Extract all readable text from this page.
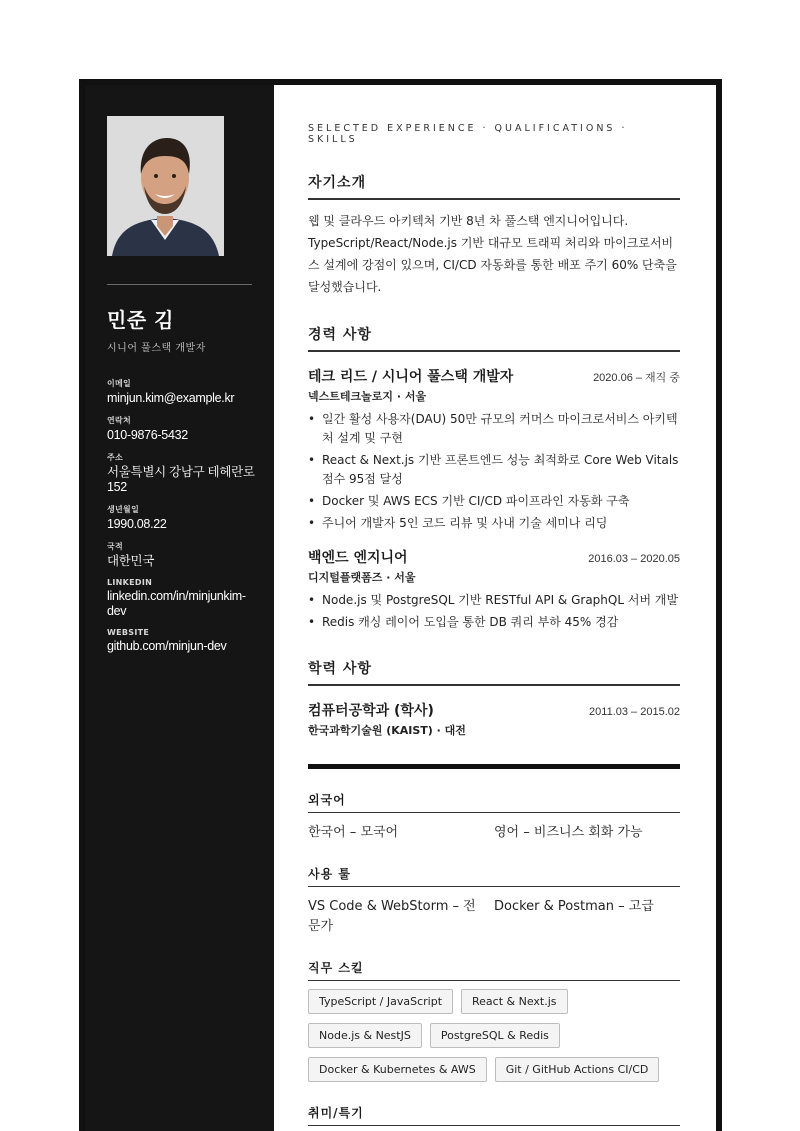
민준 김
시니어 풀스택 개발자
이메일
minjun.kim@example.kr
연락처
010-9876-5432
주소
서울특별시 강남구 테헤란로 152
생년월일
1990.08.22
국적
대한민국
LINKEDIN
linkedin.com/in/minjunkim-dev
WEBSITE
github.com/minjun-dev
SELECTED EXPERIENCE · QUALIFICATIONS · SKILLS
자기소개

웹 및 클라우드 아키텍처 기반 8년 차 풀스택 엔지니어입니다. TypeScript/React/Node.js 기반 대규모 트래픽 처리와 마이크로서비스 설계에 강점이 있으며, CI/CD 자동화를 통한 배포 주기 60% 단축을 달성했습니다.

경력 사항
테크 리드 / 시니어 풀스택 개발자	2020.06 – 재직 중
넥스트테크놀로지 · 서울
• 일간 활성 사용자(DAU) 50만 규모의 커머스 마이크로서비스 아키텍처 설계 및 구현
• React & Next.js 기반 프론트엔드 성능 최적화로 Core Web Vitals 점수 95점 달성
• Docker 및 AWS ECS 기반 CI/CD 파이프라인 자동화 구축
• 주니어 개발자 5인 코드 리뷰 및 사내 기술 세미나 리딩
백엔드 엔지니어	2016.03 – 2020.05
디지털플랫폼즈 · 서울
• Node.js 및 PostgreSQL 기반 RESTful API & GraphQL 서버 개발
• Redis 캐싱 레이어 도입을 통한 DB 쿼리 부하 45% 경감
학력 사항
컴퓨터공학과 (학사)	2011.03 – 2015.02
한국과학기술원 (KAIST) · 대전
외국어
한국어 – 모국어	영어 – 비즈니스 회화 가능
사용 툴
VS Code & WebStorm – 전문가
Docker & Postman – 고급
직무 스킬
TypeScript / JavaScript	React & Next.js
Node.js & NestJS	PostgreSQL & Redis
Docker & Kubernetes & AWS	Git / GitHub Actions CI/CD
취미/특기
